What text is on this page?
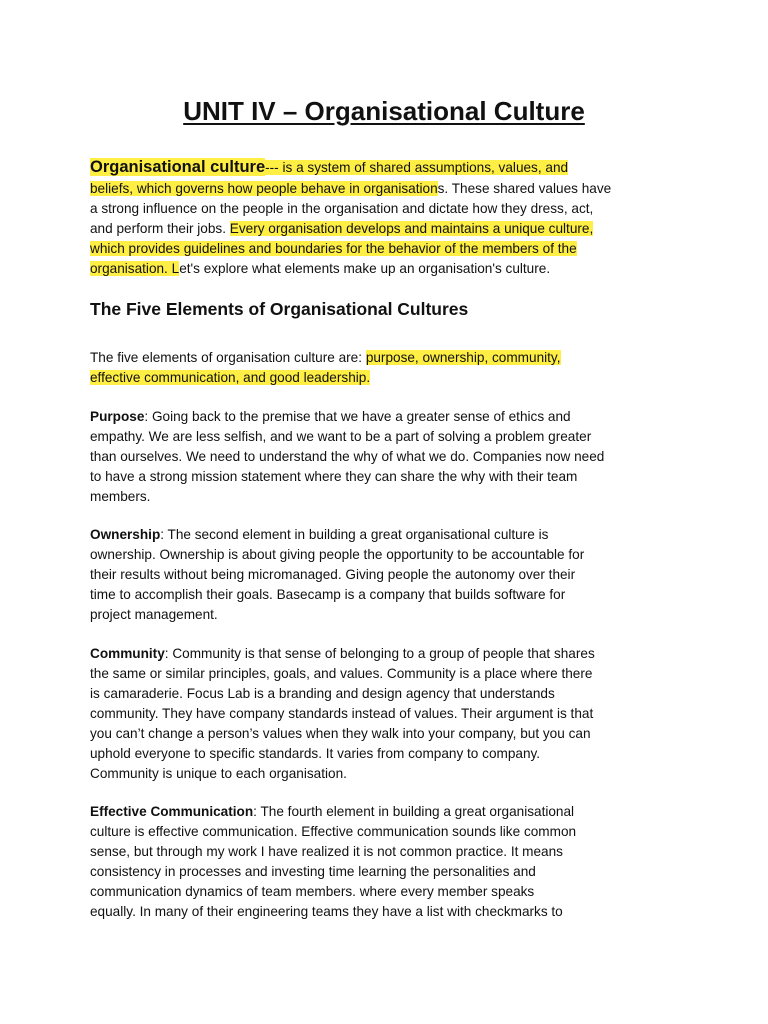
UNIT IV – Organisational Culture
Organisational culture--- is a system of shared assumptions, values, and
beliefs, which governs how people behave in organisations. These shared values have
a strong influence on the people in the organisation and dictate how they dress, act,
and perform their jobs. Every organisation develops and maintains a unique culture,
which provides guidelines and boundaries for the behavior of the members of the
organisation. Let's explore what elements make up an organisation's culture.
The Five Elements of Organisational Cultures
The five elements of organisation culture are: purpose, ownership, community,
effective communication, and good leadership.
Purpose: Going back to the premise that we have a greater sense of ethics and
empathy. We are less selfish, and we want to be a part of solving a problem greater
than ourselves. We need to understand the why of what we do. Companies now need
to have a strong mission statement where they can share the why with their team
members.
Ownership: The second element in building a great organisational culture is
ownership. Ownership is about giving people the opportunity to be accountable for
their results without being micromanaged. Giving people the autonomy over their
time to accomplish their goals. Basecamp is a company that builds software for
project management.
Community: Community is that sense of belonging to a group of people that shares
the same or similar principles, goals, and values. Community is a place where there
is camaraderie. Focus Lab is a branding and design agency that understands
community. They have company standards instead of values. Their argument is that
you can’t change a person’s values when they walk into your company, but you can
uphold everyone to specific standards. It varies from company to company.
Community is unique to each organisation.
Effective Communication: The fourth element in building a great organisational
culture is effective communication. Effective communication sounds like common
sense, but through my work I have realized it is not common practice. It means
consistency in processes and investing time learning the personalities and
communication dynamics of team members. where every member speaks
equally. In many of their engineering teams they have a list with checkmarks to
